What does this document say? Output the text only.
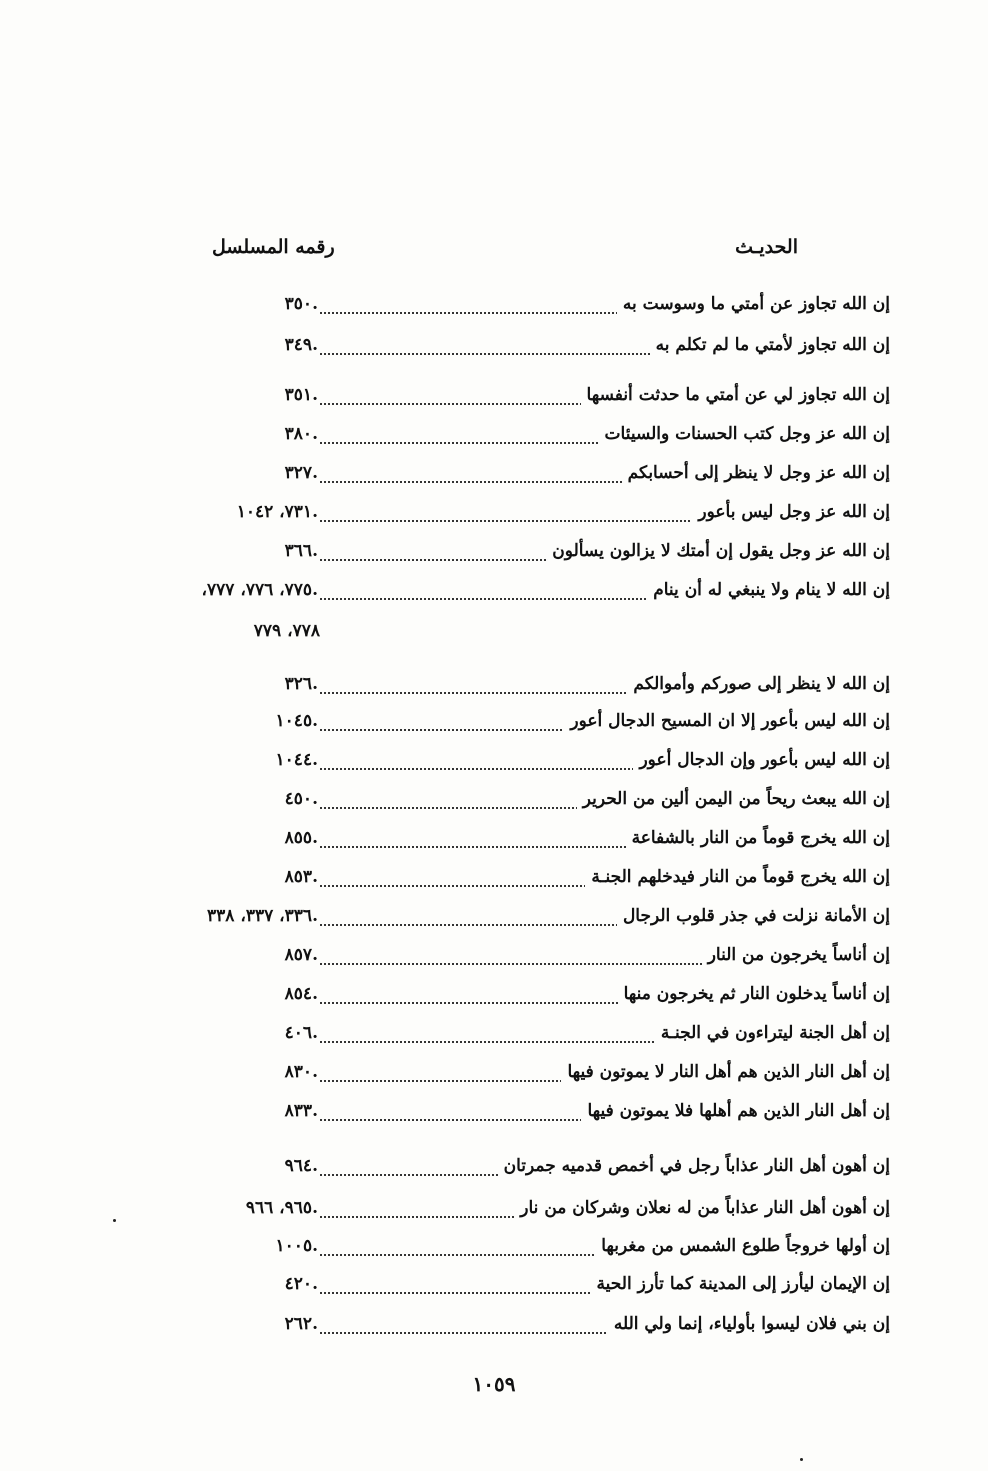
الحديـث
رقمه المسلسل
إن الله تجاوز عن أمتي ما وسوست به
.٣٥٠
إن الله تجاوز لأمتي ما لم تكلم به
.٣٤٩
إن الله تجاوز لي عن أمتي ما حدثت أنفسها
.٣٥١
إن الله عز وجل كتب الحسنات والسيئات
.٣٨٠
إن الله عز وجل لا ينظر إلى أحسابكم
.٣٢٧
إن الله عز وجل ليس بأعور
.٧٣١، ١٠٤٢
إن الله عز وجل يقول إن أمتك لا يزالون يسألون
.٣٦٦
إن الله لا ينام ولا ينبغي له أن ينام
.٧٧٥، ٧٧٦، ٧٧٧،
٧٧٨، ٧٧٩
إن الله لا ينظر إلى صوركم وأموالكم
.٣٢٦
إن الله ليس بأعور إلا ان المسيح الدجال أعور
.١٠٤٥
إن الله ليس بأعور وإن الدجال أعور
.١٠٤٤
إن الله يبعث ريحاً من اليمن ألين من الحرير
.٤٥٠
إن الله يخرج قوماً من النار بالشفاعة
.٨٥٥
إن الله يخرج قوماً من النار فيدخلهم الجنـة
.٨٥٣
إن الأمانة نزلت في جذر قلوب الرجال
.٣٣٦، ٣٣٧، ٣٣٨
إن أناساً يخرجون من النار
.٨٥٧
إن أناساً يدخلون النار ثم يخرجون منها
.٨٥٤
إن أهل الجنة ليتراءون في الجنـة
.٤٠٦
إن أهل النار الذين هم أهل النار لا يموتون فيها
.٨٣٠
إن أهل النار الذين هم أهلها فلا يموتون فيها
.٨٣٣
إن أهون أهل النار عذاباً رجل في أخمص قدميه جمرتان
.٩٦٤
إن أهون أهل النار عذاباً من له نعلان وشركان من نار
.٩٦٥، ٩٦٦
إن أولها خروجاً طلوع الشمس من مغربها
.١٠٠٥
إن الإيمان ليأرز إلى المدينة كما تأرز الحية
.٤٢٠
إن بني فلان ليسوا بأولياء، إنما ولي الله
.٢٦٢
١٠٥٩
